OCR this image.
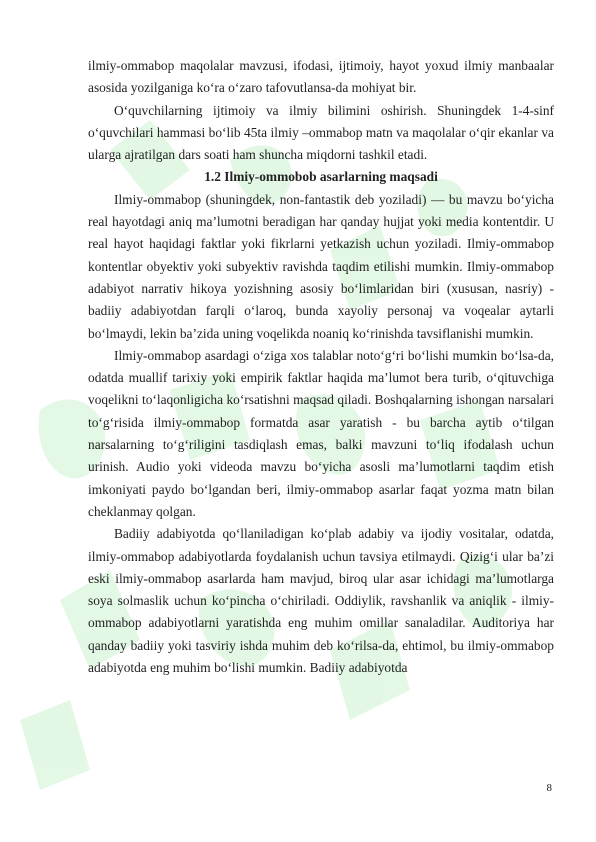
ilmiy-ommabop maqolalar mavzusi, ifodasi, ijtimoiy, hayot yoxud ilmiy manbaalar asosida yozilganiga ko‘ra o‘zaro tafovutlansa-da mohiyat bir.

O‘quvchilarning ijtimoiy va ilmiy bilimini oshirish. Shuningdek 1-4-sinf o‘quvchilari hammasi bo‘lib 45ta ilmiy –ommabop matn va maqolalar o‘qir ekanlar va ularga ajratilgan dars soati ham shuncha miqdorni tashkil etadi.

1.2 Ilmiy-ommobob asarlarning maqsadi

Ilmiy-ommabop (shuningdek, non-fantastik deb yoziladi) — bu mavzu bo‘yicha real hayotdagi aniq ma’lumotni beradigan har qanday hujjat yoki media kontentdir. U real hayot haqidagi faktlar yoki fikrlarni yetkazish uchun yoziladi. Ilmiy-ommabop kontentlar obyektiv yoki subyektiv ravishda taqdim etilishi mumkin. Ilmiy-ommabop adabiyot narrativ hikoya yozishning asosiy bo‘limlaridan biri (xususan, nasriy) - badiiy adabiyotdan farqli o‘laroq, bunda xayoliy personaj va voqealar aytarli bo‘lmaydi, lekin ba’zida uning voqelikda noaniq ko‘rinishda tavsiflanishi mumkin.

Ilmiy-ommabop asardagi o‘ziga xos talablar noto‘g‘ri bo‘lishi mumkin bo‘lsa-da, odatda muallif tarixiy yoki empirik faktlar haqida ma’lumot bera turib, o‘qituvchiga voqelikni to‘laqonligicha ko‘rsatishni maqsad qiladi. Boshqalarning ishongan narsalari to‘g‘risida ilmiy-ommabop formatda asar yaratish - bu barcha aytib o‘tilgan narsalarning to‘g‘riligini tasdiqlash emas, balki mavzuni to‘liq ifodalash uchun urinish. Audio yoki videoda mavzu bo‘yicha asosli ma’lumotlarni taqdim etish imkoniyati paydo bo‘lgandan beri, ilmiy-ommabop asarlar faqat yozma matn bilan cheklanmay qolgan.

Badiiy adabiyotda qo‘llaniladigan ko‘plab adabiy va ijodiy vositalar, odatda, ilmiy-ommabop adabiyotlarda foydalanish uchun tavsiya etilmaydi. Qizig‘i ular ba’zi eski ilmiy-ommabop asarlarda ham mavjud, biroq ular asar ichidagi ma’lumotlarga soya solmaslik uchun ko‘pincha o‘chiriladi. Oddiylik, ravshanlik va aniqlik - ilmiy-ommabop adabiyotlarni yaratishda eng muhim omillar sanaladilar. Auditoriya har qanday badiiy yoki tasviriy ishda muhim deb ko‘rilsa-da, ehtimol, bu ilmiy-ommabop adabiyotda eng muhim bo‘lishi mumkin. Badiiy adabiyotda

8
